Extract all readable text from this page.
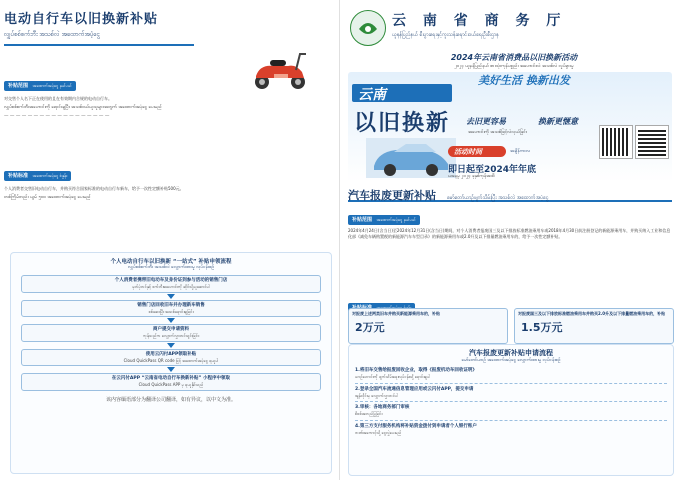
电动自行车以旧换新补贴
လျှပ်စစ်စက်ဘီး အသစ်လဲ အထောက်အပံ့ငွေ
补贴范围 အထောက်အပံ့ငွေ နယ်ပယ်
对交售个人名下正在使用的且在有效期内合规的电动自行车。
လျှပ်စစ်စက်ဘီးအဟောင်းကို ရောင်းချပြီး အသစ်ဝယ်ယူသူများအတွက် အထောက်အပံ့ငွေ ပေးမည်
— — — — — — — — — — — — — — — — — —
补贴标准 အထောက်အပံ့ငွေ စံနှုန်း
个人消费者交售旧电动自行车，并购买符合国家标准的电动自行车新车，给予一次性定额补贴500元。
တစ်ကြိမ်တည်း ယွမ် ၅၀၀ အထောက်အပံ့ငွေ ပေးမည်
个人电动自行车以旧换新 “一站式” 补贴申领流程
လျှပ်စစ်စက်ဘီး အသစ်လဲ လျှောက်ထားမှု လုပ်ငန်းစဉ်
个人消费者携带旧电动车及身份证到参与活动的销售门店
မှတ်ပုံတင်နှင့် စက်ဘီးအဟောင်းကို ဆိုင်သို့ယူဆောင်ပါ
销售门店回收旧车并办理新车销售
စစ်ဆေးပြီး အသစ်ရောင်းချခြင်း
商户提交申请资料
ကုန်သည်က လျှောက်လွှာတင်သွင်းခြင်း
使用云闪付APP领取补贴
Cloud QuickPass QR code ဖြင့် အထောက်အပံ့ငွေ ရယူပါ
在云闪付APP “云南省电动自行车换新补贴” 小程序中领取
Cloud QuickPass APP မှ ရယူနိုင်သည်
该内容缅语部分为翻译公司翻译，如有异议，以中文为准。
云 南 省 商 务 厅
ယူနန်ပြည်နယ် စီးပွားရေးနှင့်ကူးသန်းရောင်းဝယ်ရေးဦးစီးဌာန
2024年云南省消费品以旧换新活动
၂၀၂၄ ယူနန်ပြည်နယ် စားသုံးကုန်ပစ္စည်း အဟောင်းလဲ အသစ်လဲ လှုပ်ရှားမှု
云南
美好生活 换新出发
以旧换新 去旧更容易	换新更惬意
အဟောင်းကို အသစ်ဖြင့်လဲလှယ်ခြင်း
活动时间	အချိန်ကာလ
即日起至2024年年底
ယနေ့မှ ၂၀၂၄ ခုနှစ်ကုန်အထိ
汽车报废更新补贴 မော်တော်ယာဉ်ဖျက်သိမ်းပြီး အသစ်လဲ အထောက်အပံ့ငွေ
补贴范围 အထောက်အပံ့ငွေ နယ်ပယ်
2024年4月24日(含当日)至2024年12月31日(含当日)期间，对个人消费者报废国三及以下排放标准燃油乘用车或2018年4月30日前注册登记的新能源乘用车，并购买纳入工业和信息化部《减免车辆购置税的新能源汽车车型目录》的新能源乘用车或2.0升及以下排量燃油乘用车的，给予一次性定额补贴。
对报废上述两类旧车并购买新能源乘用车的，补贴
2万元
对报废国三及以下排放标准燃油乘用车并购买2.0升及以下排量燃油乘用车的，补贴
1.5万元
汽车报废更新补贴申请流程
မော်တော်ယာဉ် အထောက်အပံ့ငွေ လျှောက်ထားမှု လုပ်ငန်းစဉ်
1.将旧车交售给报废回收企业，取得《报废机动车回收证明》
ယာဉ်ဟောင်းကို ဖျက်သိမ်းရေးလုပ်ငန်းသို့ ရောင်းချပါ
2.登录全国汽车流通信息管理应用或云闪付APP，提交申请
အွန်လိုင်းမှ လျှောက်လွှာတင်ပါ
3.审核：各地商务部门审核
စိစစ်အတည်ပြုခြင်း
4.第三方支付服务机构将补贴资金拨付到申请者个人银行账户
ဘဏ်အကောင့်သို့ ငွေလွှဲပေးမည်
